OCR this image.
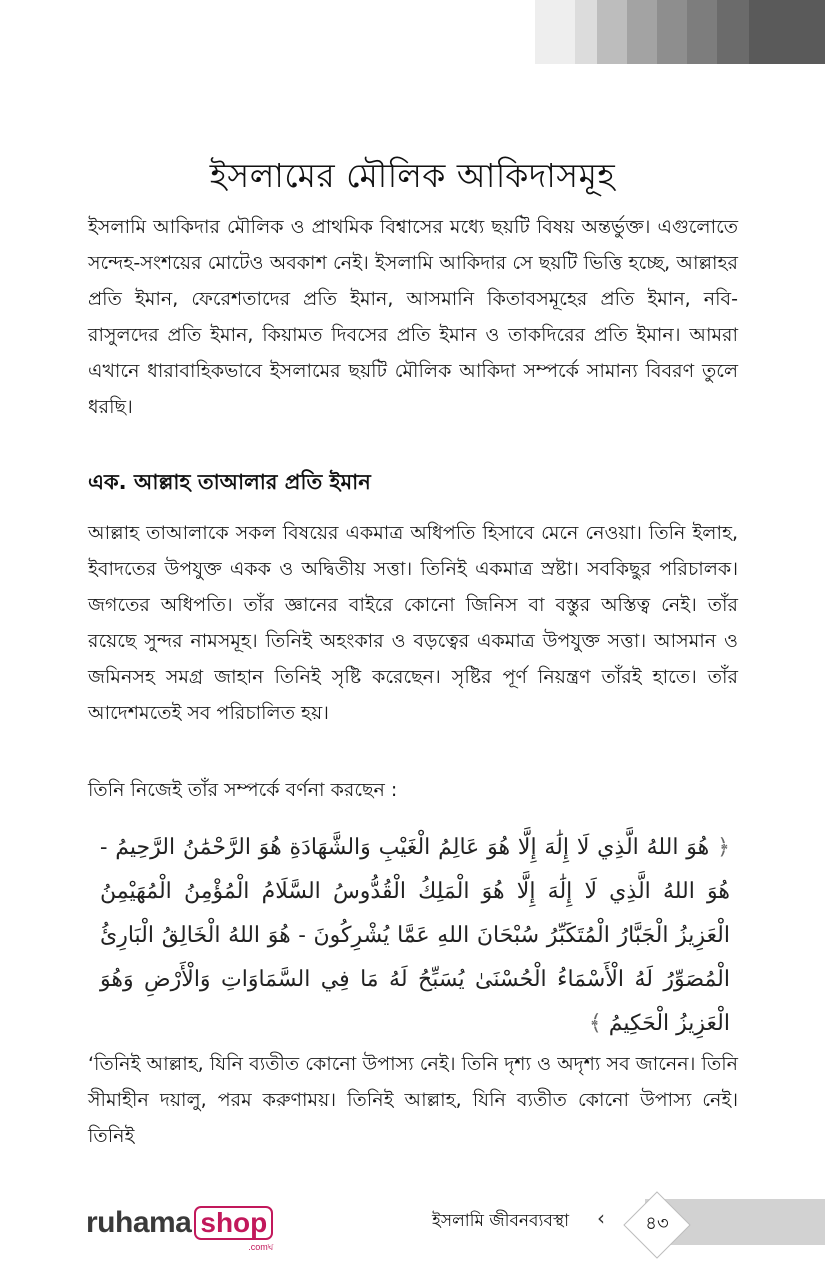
ইসলামের মৌলিক আকিদাসমূহ

ইসলামি আকিদার মৌলিক ও প্রাথমিক বিশ্বাসের মধ্যে ছয়টি বিষয় অন্তর্ভুক্ত। এগুলোতে সন্দেহ-সংশয়ের মোটেও অবকাশ নেই। ইসলামি আকিদার সে ছয়টি ভিত্তি হচ্ছে, আল্লাহর প্রতি ইমান, ফেরেশতাদের প্রতি ইমান, আসমানি কিতাবসমূহের প্রতি ইমান, নবি-রাসুলদের প্রতি ইমান, কিয়ামত দিবসের প্রতি ইমান ও তাকদিরের প্রতি ইমান। আমরা এখানে ধারাবাহিকভাবে ইসলামের ছয়টি মৌলিক আকিদা সম্পর্কে সামান্য বিবরণ তুলে ধরছি।

এক. আল্লাহ তাআলার প্রতি ইমান

আল্লাহ তাআলাকে সকল বিষয়ের একমাত্র অধিপতি হিসাবে মেনে নেওয়া। তিনি ইলাহ, ইবাদতের উপযুক্ত একক ও অদ্বিতীয় সত্তা। তিনিই একমাত্র স্রষ্টা। সবকিছুর পরিচালক। জগতের অধিপতি। তাঁর জ্ঞানের বাইরে কোনো জিনিস বা বস্তুর অস্তিত্ব নেই। তাঁর রয়েছে সুন্দর নামসমূহ। তিনিই অহংকার ও বড়ত্বের একমাত্র উপযুক্ত সত্তা। আসমান ও জমিনসহ সমগ্র জাহান তিনিই সৃষ্টি করেছেন। সৃষ্টির পূর্ণ নিয়ন্ত্রণ তাঁরই হাতে। তাঁর আদেশমতেই সব পরিচালিত হয়।

তিনি নিজেই তাঁর সম্পর্কে বর্ণনা করছেন :

﴿ هُوَ اللهُ الَّذِي لَا إِلَٰهَ إِلَّا هُوَ عَالِمُ الْغَيْبِ وَالشَّهَادَةِ هُوَ الرَّحْمَٰنُ الرَّحِيمُ - هُوَ اللهُ الَّذِي لَا إِلَٰهَ إِلَّا هُوَ الْمَلِكُ الْقُدُّوسُ السَّلَامُ الْمُؤْمِنُ الْمُهَيْمِنُ الْعَزِيزُ الْجَبَّارُ الْمُتَكَبِّرُ سُبْحَانَ اللهِ عَمَّا يُشْرِكُونَ - هُوَ اللهُ الْخَالِقُ الْبَارِئُ الْمُصَوِّرُ لَهُ الْأَسْمَاءُ الْحُسْنَىٰ يُسَبِّحُ لَهُ مَا فِي السَّمَاوَاتِ وَالْأَرْضِ وَهُوَ الْعَزِيزُ الْحَكِيمُ ﴾

‘তিনিই আল্লাহ, যিনি ব্যতীত কোনো উপাস্য নেই। তিনি দৃশ্য ও অদৃশ্য সব জানেন। তিনি সীমাহীন দয়ালু, পরম করুণাময়। তিনিই আল্লাহ, যিনি ব্যতীত কোনো উপাস্য নেই। তিনিই

ruhama shop
.comঘ
ইসলামি জীবনব্যবস্থা	‹	৪৩
